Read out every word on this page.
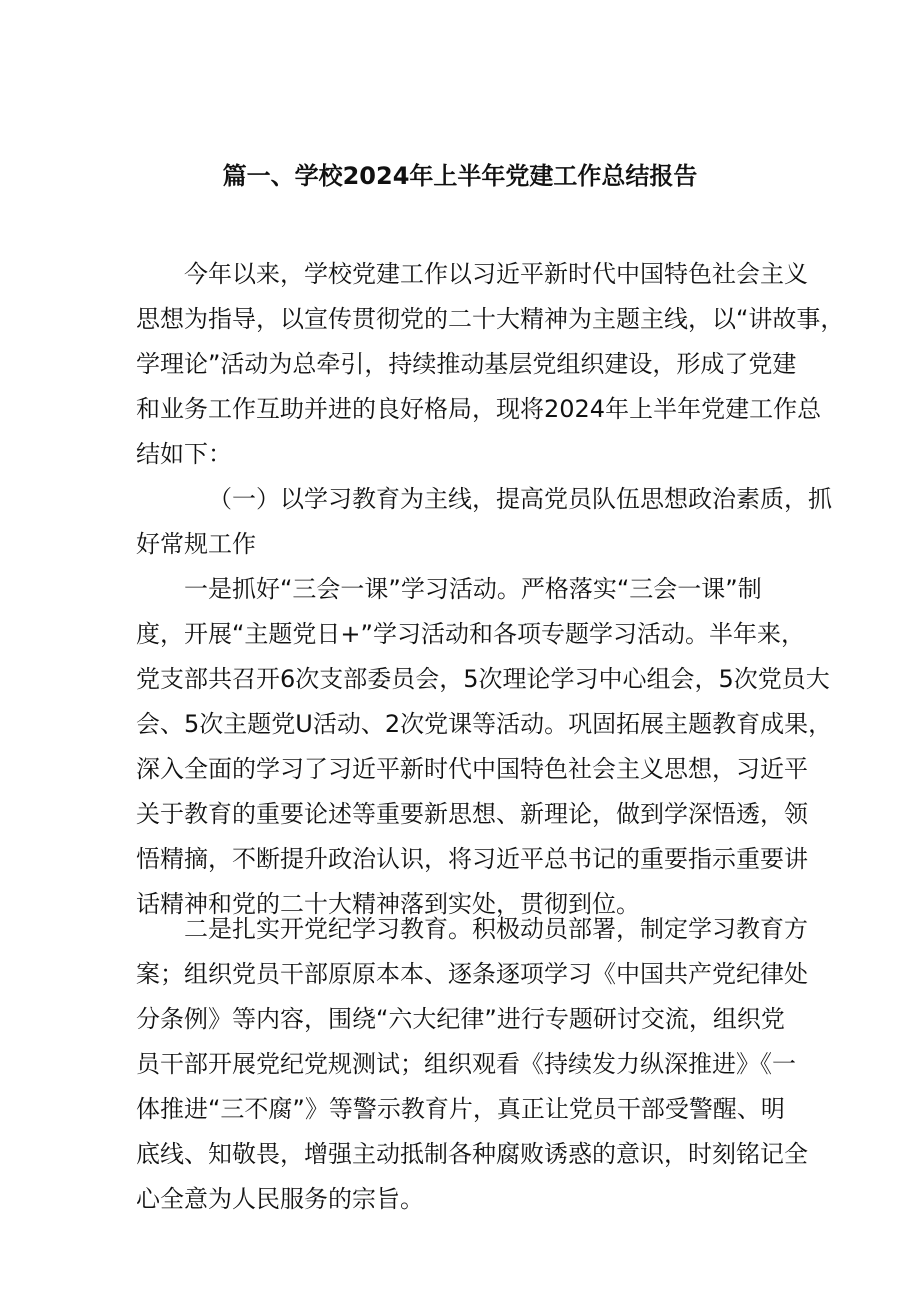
篇一、学校2024年上半年党建工作总结报告
今年以来，学校党建工作以习近平新时代中国特色社会主义
思想为指导，以宣传贯彻党的二十大精神为主题主线，以“讲故事，
学理论”活动为总牵引，持续推动基层党组织建设，形成了党建
和业务工作互助并进的良好格局，现将2024年上半年党建工作总
结如下：
（一）以学习教育为主线，提高党员队伍思想政治素质，抓
好常规工作
一是抓好“三会一课”学习活动。严格落实“三会一课”制
度，开展“主题党日+”学习活动和各项专题学习活动。半年来，
党支部共召开6次支部委员会，5次理论学习中心组会，5次党员大
会、5次主题党U活动、2次党课等活动。巩固拓展主题教育成果，
深入全面的学习了习近平新时代中国特色社会主义思想，习近平
关于教育的重要论述等重要新思想、新理论，做到学深悟透，领
悟精摘，不断提升政治认识，将习近平总书记的重要指示重要讲
话精神和党的二十大精神落到实处，贯彻到位。
二是扎实开党纪学习教育。积极动员部署，制定学习教育方
案；组织党员干部原原本本、逐条逐项学习《中国共产党纪律处
分条例》等内容，围绕“六大纪律”进行专题研讨交流，组织党
员干部开展党纪党规测试；组织观看《持续发力纵深推进》《一
体推进“三不腐”》等警示教育片，真正让党员干部受警醒、明
底线、知敬畏，增强主动抵制各种腐败诱惑的意识，时刻铭记全
心全意为人民服务的宗旨。
